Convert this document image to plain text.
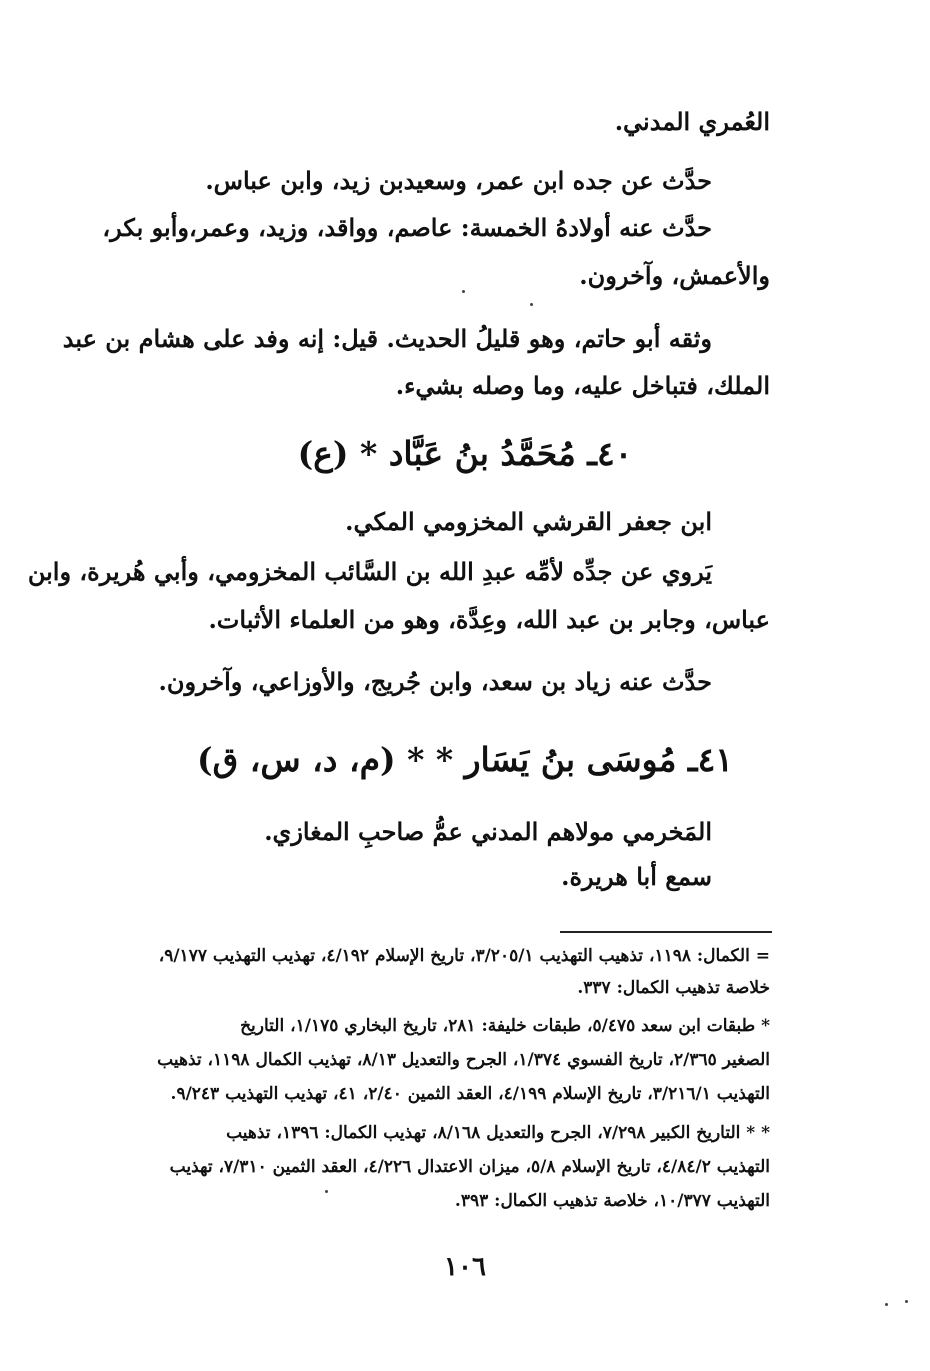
العُمري المدني.
حدَّث عن جده ابن عمر، وسعيدبن زيد، وابن عباس.
حدَّث عنه أولادهُ الخمسة: عاصم، وواقد، وزيد، وعمر،وأبو بكر،
والأعمش، وآخرون.
وثقه أبو حاتم، وهو قليلُ الحديث. قيل: إنه وفد على هشام بن عبد
الملك، فتباخل عليه، وما وصله بشيء.
٤٠ـ مُحَمَّدُ بنُ عَبَّاد * (ع)
ابن جعفر القرشي المخزومي المكي.
يَروي عن جدِّه لأمِّه عبدِ الله بن السَّائب المخزومي، وأبي هُريرة، وابن
عباس، وجابر بن عبد الله، وعِدَّة، وهو من العلماء الأثبات.
حدَّث عنه زياد بن سعد، وابن جُريج، والأوزاعي، وآخرون.
٤١ـ مُوسَى بنُ يَسَار * * (م، د، س، ق)
المَخرمي مولاهم المدني عمُّ صاحبِ المغازي.
سمع أبا هريرة.
= الكمال: ١١٩٨، تذهيب التهذيب ٣/٢٠٥/١، تاريخ الإسلام ٤/١٩٢، تهذيب التهذيب ٩/١٧٧،
خلاصة تذهيب الكمال: ٣٣٧.
* طبقات ابن سعد ٥/٤٧٥، طبقات خليفة: ٢٨١، تاريخ البخاري ١/١٧٥، التاريخ
الصغير ٢/٣٦٥، تاريخ الفسوي ١/٣٧٤، الجرح والتعديل ٨/١٣، تهذيب الكمال ١١٩٨، تذهيب
التهذيب ٣/٢١٦/١، تاريخ الإسلام ٤/١٩٩، العقد الثمين ٢/٤٠، ٤١، تهذيب التهذيب ٩/٢٤٣.
* * التاريخ الكبير ٧/٢٩٨، الجرح والتعديل ٨/١٦٨، تهذيب الكمال: ١٣٩٦، تذهيب
التهذيب ٤/٨٤/٢، تاريخ الإسلام ٥/٨، ميزان الاعتدال ٤/٢٢٦، العقد الثمين ٧/٣١٠، تهذيب
التهذيب ١٠/٣٧٧، خلاصة تذهيب الكمال: ٣٩٣.
١٠٦
